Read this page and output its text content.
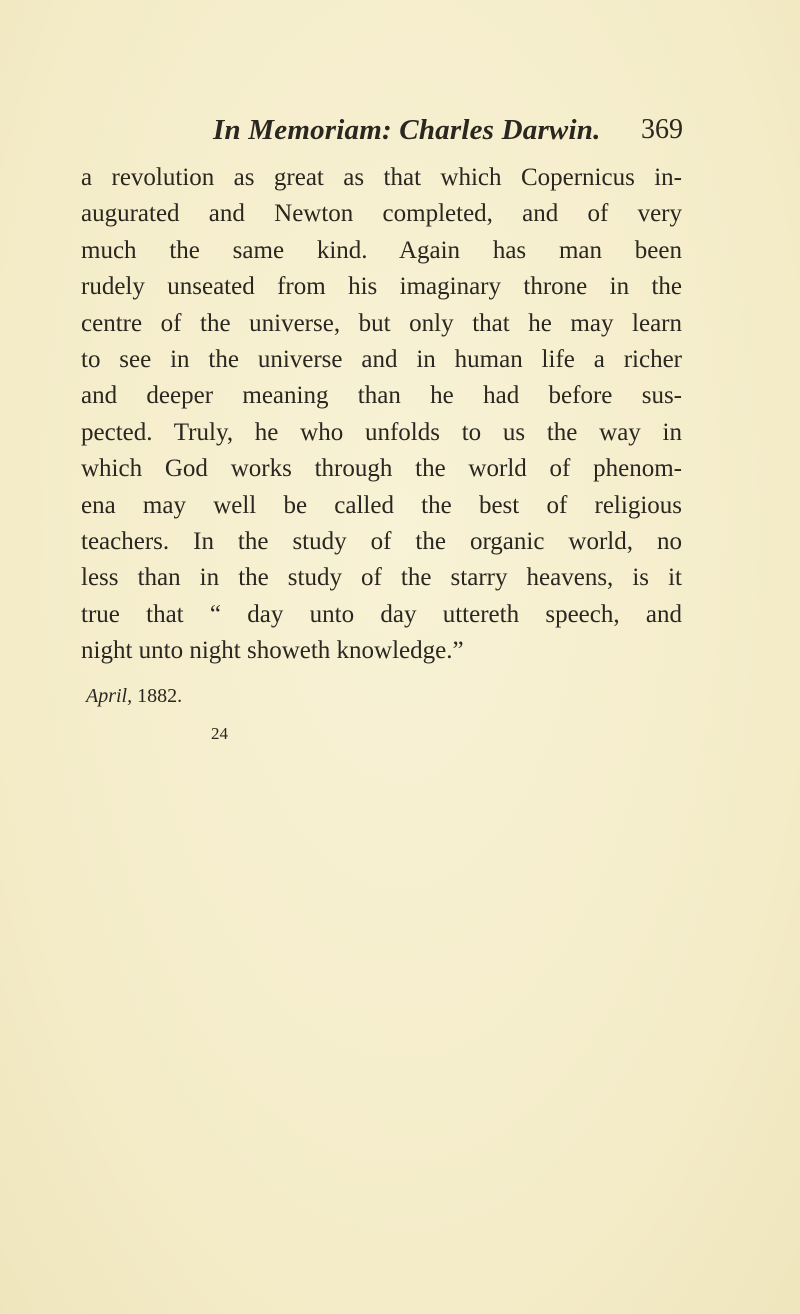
In Memoriam: Charles Darwin. 369
a revolution as great as that which Copernicus in-
augurated and Newton completed, and of very
much the same kind. Again has man been
rudely unseated from his imaginary throne in the
centre of the universe, but only that he may learn
to see in the universe and in human life a richer
and deeper meaning than he had before sus-
pected. Truly, he who unfolds to us the way in
which God works through the world of phenom-
ena may well be called the best of religious
teachers. In the study of the organic world, no
less than in the study of the starry heavens, is it
true that “ day unto day uttereth speech, and
night unto night showeth knowledge.”
April, 1882.
24
